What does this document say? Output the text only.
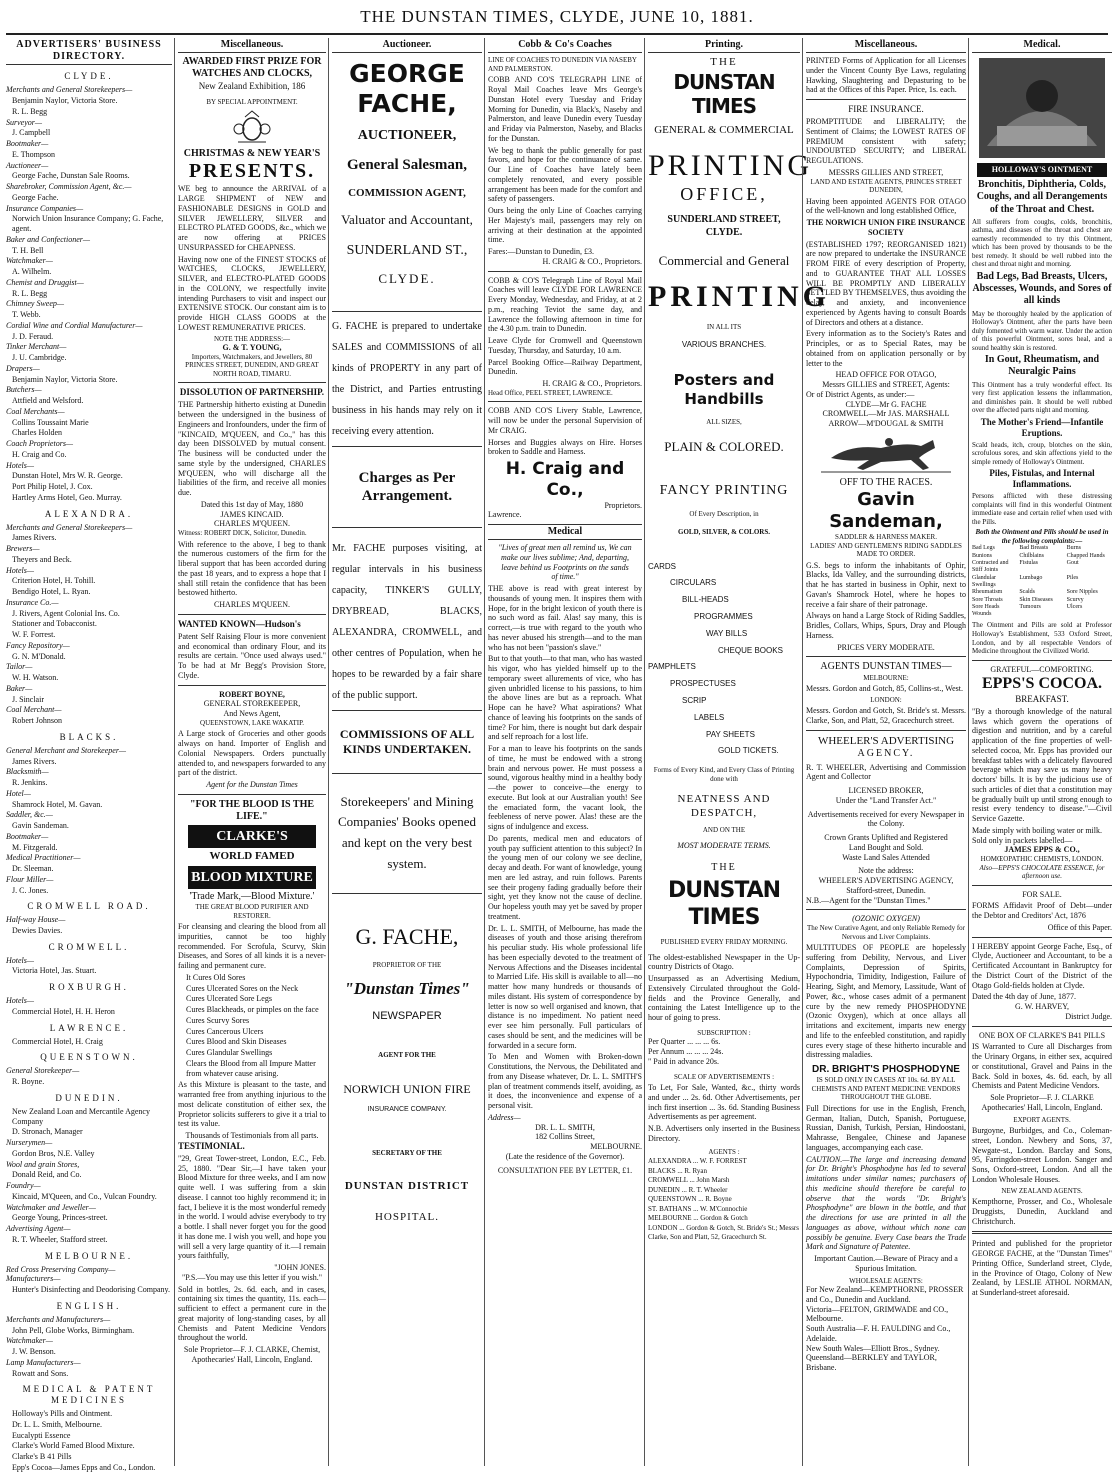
THE DUNSTAN TIMES, CLYDE, JUNE 10, 1881.
ADVERTISERS' BUSINESS DIRECTORY.
CLYDE.
Merchants and General Storekeepers—
Benjamin Naylor, Victoria Store.
R. L. Begg
Surveyor—
J. Campbell
Bootmaker—
E. Thompson
Auctioneer—
George Fache, Dunstan Sale Rooms.
Sharebroker, Commission Agent, &c.—
George Fache.
Insurance Companies—
Norwich Union Insurance Company; G. Fache, agent.
Baker and Confectioner—
T. H. Bell
Watchmaker—
A. Wilhelm.
Chemist and Druggist—
R. L. Begg
Chimney Sweep—
T. Webb.
Cordial Wine and Cordial Manufacturer—
J. D. Feraud.
Tinker Merchant—
J. U. Cambridge.
Drapers—
Benjamin Naylor, Victoria Store.
Butchers—
Attfield and Welsford.
Coal Merchants—
Collins Toussaint Marie
Charles Holden
Coach Proprietors—
H. Craig and Co.
Hotels—
Dunstan Hotel, Mrs W. R. George.
Port Philip Hotel, J. Cox.
Hartley Arms Hotel, Geo. Murray.
ALEXANDRA.
Merchants and General Storekeepers—
James Rivers.
Brewers—
Theyers and Beck.
Hotels—
Criterion Hotel, H. Tohill.
Bendigo Hotel, L. Ryan.
Insurance Co.—
J. Rivers, Agent Colonial Ins. Co.
Stationer and Tobacconist.
W. F. Forrest.
Fancy Repository—
G. N. M'Donald.
Tailor—
W. H. Watson.
Baker—
J. Sinclair
Coal Merchant—
Robert Johnson
BLACKS.
General Merchant and Storekeeper—
James Rivers.
Blacksmith—
R. Jenkins.
Hotel—
Shamrock Hotel, M. Gavan.
Saddler, &c.—
Gavin Sandeman.
Bootmaker—
M. Fitzgerald.
Medical Practitioner—
Dr. Sleeman.
Flour Miller—
J. C. Jones.
CROMWELL ROAD.
Half-way House—
Dewies Davies.
CROMWELL.
Hotels—
Victoria Hotel, Jas. Stuart.
ROXBURGH.
Hotels—
Commercial Hotel, H. H. Heron
LAWRENCE.
Commercial Hotel, H. Craig
QUEENSTOWN.
General Storekeeper—
R. Boyne.
DUNEDIN.
New Zealand Loan and Mercantile Agency Company
D. Stronach, Manager
Nurserymen—
Gordon Bros, N.E. Valley
Wool and grain Stores,
Donald Reid, and Co.
Foundry—
Kincaid, M'Queen, and Co., Vulcan Foundry.
Watchmaker and Jeweller—
George Young, Princes-street.
Advertising Agent—
R. T. Wheeler, Stafford street.
MELBOURNE.
Red Cross Preserving Company—
Manufacturers—
Hunter's Disinfecting and Deodorising Company.
ENGLISH.
Merchants and Manufacturers—
John Pell, Globe Works, Birmingham.
Watchmaker—
J. W. Benson.
Lamp Manufacturers—
Rowatt and Sons.
MEDICAL & PATENT MEDICINES
Holloway's Pills and Ointment.
Dr. L. L. Smith, Melbourne.
Eucalypti Essence
Clarke's World Famed Blood Mixture.
Clarke's B 41 Pills
Epp's Cocoa—James Epps and Co., London.
Miscellaneous.
AWARDED FIRST PRIZE FOR WATCHES AND CLOCKS,
New Zealand Exhibition, 186
BY SPECIAL APPOINTMENT.
CHRISTMAS & NEW YEAR'S
PRESENTS.
WE beg to announce the ARRIVAL of a LARGE SHIPMENT of NEW and FASHIONABLE DESIGNS in GOLD and SILVER JEWELLERY, SILVER and ELECTRO PLATED GOODS, &c., which we are now offering at PRICES UNSURPASSED for CHEAPNESS.
Having now one of the FINEST STOCKS of WATCHES, CLOCKS, JEWELLERY, SILVER, and ELECTRO-PLATED GOODS in the COLONY, we respectfully invite intending Purchasers to visit and inspect our EXTENSIVE STOCK. Our constant aim is to provide HIGH CLASS GOODS at the LOWEST REMUNERATIVE PRICES.
NOTE THE ADDRESS:—
G. & T. YOUNG,
Importers, Watchmakers, and Jewellers, 80 PRINCES STREET, DUNEDIN, AND GREAT NORTH ROAD, TIMARU.
DISSOLUTION OF PARTNERSHIP.
THE Partnership hitherto existing at Dunedin between the undersigned in the business of Engineers and Ironfounders, under the firm of "KINCAID, M'QUEEN, and Co.," has this day been DISSOLVED by mutual consent. The business will be conducted under the same style by the undersigned, CHARLES M'QUEEN, who will discharge all the liabilities of the firm, and receive all monies due.
Dated this 1st day of May, 1880
JAMES KINCAID.
CHARLES M'QUEEN.
Witness: ROBERT DICK, Solicitor, Dunedin.
With reference to the above, I beg to thank the numerous customers of the firm for the liberal support that has been accorded during the past 18 years, and to express a hope that I shall still retain the confidence that has been bestowed hitherto.
CHARLES M'QUEEN.
WANTED KNOWN—Hudson's
Patent Self Raising Flour is more convenient and economical than ordinary Flour, and its results are certain. "Once used always used." To be had at Mr Begg's Provision Store, Clyde.
ROBERT BOYNE,
GENERAL STOREKEEPER,
And News Agent,
QUEENSTOWN, LAKE WAKATIP.
A Large stock of Groceries and other goods always on hand. Importer of English and Colonial Newspapers. Orders punctually attended to, and newspapers forwarded to any part of the district.
Agent for the Dunstan Times
"FOR THE BLOOD IS THE LIFE."
CLARKE'S
WORLD FAMED
BLOOD MIXTURE
'Trade Mark,—Blood Mixture.'
THE GREAT BLOOD PURIFIER AND RESTORER.
For cleansing and clearing the blood from all impurities, cannot be too highly recommended. For Scrofula, Scurvy, Skin Diseases, and Sores of all kinds it is a never-failing and permanent cure.
It Cures Old Sores
Cures Ulcerated Sores on the Neck
Cures Ulcerated Sore Legs
Cures Blackheads, or pimples on the face
Cures Scurvy Sores
Cures Cancerous Ulcers
Cures Blood and Skin Diseases
Cures Glandular Swellings
Clears the Blood from all Impure Matter from whatever cause arising.
As this Mixture is pleasant to the taste, and warranted free from anything injurious to the most delicate constitution of either sex, the Proprietor solicits sufferers to give it a trial to test its value.
Thousands of Testimonials from all parts.
TESTIMONIAL.
"29, Great Tower-street, London, E.C., Feb. 25, 1880. "Dear Sir,—I have taken your Blood Mixture for three weeks, and I am now quite well. I was suffering from a skin disease. I cannot too highly recommend it; in fact, I believe it is the most wonderful remedy in the world. I would advise everybody to try a bottle. I shall never forget you for the good it has done me. I wish you well, and hope you will sell a very large quantity of it.—I remain yours faithfully,
"JOHN JONES.
"P.S.—You may use this letter if you wish."
Sold in bottles, 2s. 6d. each, and in cases, containing six times the quantity, 11s. each—sufficient to effect a permanent cure in the great majority of long-standing cases, by all Chemists and Patent Medicine Vendors throughout the world.
Sole Proprietor—F. J. CLARKE, Chemist, Apothecaries' Hall, Lincoln, England.
Auctioneer.
GEORGE FACHE,
AUCTIONEER,
General Salesman,
COMMISSION AGENT,
Valuator and Accountant,
SUNDERLAND ST.,
CLYDE.
G. FACHE is prepared to undertake SALES and COMMISSIONS of all kinds of PROPERTY in any part of the District, and Parties entrusting business in his hands may rely on it receiving every attention.
Charges as Per Arrangement.
Mr. FACHE purposes visiting, at regular intervals in his business capacity, TINKER'S GULLY, DRYBREAD, BLACKS, ALEXANDRA, CROMWELL, and other centres of Population, when he hopes to be rewarded by a fair share of the public support.
COMMISSIONS OF ALL KINDS UNDERTAKEN.
Storekeepers' and Mining Companies' Books opened and kept on the very best system.
G. FACHE,
PROPRIETOR OF THE
"Dunstan Times"
NEWSPAPER
AGENT FOR THE
NORWICH UNION FIRE
INSURANCE COMPANY.
SECRETARY OF THE
DUNSTAN DISTRICT
HOSPITAL.
Cobb & Co's Coaches
LINE OF COACHES TO DUNEDIN VIA NASEBY AND PALMERSTON.
COBB AND CO'S TELEGRAPH LINE of Royal Mail Coaches leave Mrs George's Dunstan Hotel every Tuesday and Friday Morning for Dunedin, via Black's, Naseby and Palmerston, and leave Dunedin every Tuesday and Friday via Palmerston, Naseby, and Blacks for the Dunstan.
We beg to thank the public generally for past favors, and hope for the continuance of same. Our Line of Coaches have lately been completely renovated, and every possible arrangement has been made for the comfort and safety of passengers.
Ours being the only Line of Coaches carrying Her Majesty's mail, passengers may rely on arriving at their destination at the appointed time.
Fares:—Dunstan to Dunedin, £3.
H. CRAIG & CO., Proprietors.
COBB & CO'S Telegraph Line of Royal Mail Coaches will leave CLYDE FOR LAWRENCE Every Monday, Wednesday, and Friday, at at 2 p.m., reaching Teviot the same day, and Lawrence the following afternoon in time for the 4.30 p.m. train to Dunedin.
Leave Clyde for Cromwell and Queenstown Tuesday, Thursday, and Saturday, 10 a.m.
Parcel Booking Office—Railway Department, Dunedin.
H. CRAIG & CO., Proprietors.
Head Office, PEEL STREET, LAWRENCE.
COBB AND CO'S Livery Stable, Lawrence, will now be under the personal Supervision of Mr CRAIG.
Horses and Buggies always on Hire. Horses broken to Saddle and Harness.
H. Craig and Co.,
Proprietors.
Lawrence.
Medical
"Lives of great men all remind us, We can make our lives sublime; And, departing, leave behind us Footprints on the sands of time."
THE above is read with great interest by thousands of young men. It inspires them with Hope, for in the bright lexicon of youth there is no such word as fail. Alas! say many, this is correct,—is true with regard to the youth who has never abused his strength—and to the man who has not been "passion's slave."
But to that youth—to that man, who has wasted his vigor, who has yielded himself up to the temporary sweet allurements of vice, who has given unbridled license to his passions, to him the above lines are but as a reproach. What Hope can he have? What aspirations? What chance of leaving his footprints on the sands of time? For him, there is nought but dark despair and self reproach for a lost life.
For a man to leave his footprints on the sands of time, he must be endowed with a strong brain and nervous power. He must possess a sound, vigorous healthy mind in a healthy body—the power to conceive—the energy to execute. But look at our Australian youth! See the emaciated form, the vacant look, the feebleness of nerve power. Alas! these are the signs of indulgence and excess.
Do parents, medical men and educators of youth pay sufficient attention to this subject? In the young men of our colony we see decline, decay and death. For want of knowledge, young men are led astray, and ruin follows. Parents see their progeny fading gradually before their sight, yet they know not the cause of decline. Our hopeless youth may yet be saved by proper treatment.
Dr. L. L. SMITH, of Melbourne, has made the diseases of youth and those arising therefrom his peculiar study. His whole professional life has been especially devoted to the treatment of Nervous Affections and the Diseases incidental to Married Life. His skill is available to all—no matter how many hundreds or thousands of miles distant. His system of correspondence by letter is now so well organised and known, that distance is no impediment. No patient need ever see him personally. Full particulars of cases should be sent, and the medicines will be forwarded in a secure form.
To Men and Women with Broken-down Constitutions, the Nervous, the Debilitated and from any Disease whatever, Dr. L. L. SMITH'S plan of treatment commends itself, avoiding, as it does, the inconvenience and expense of a personal visit.
Address—
DR. L. L. SMITH,
182 Collins Street,
MELBOURNE.
(Late the residence of the Governor).
CONSULTATION FEE BY LETTER, £1.
Printing.
THE
DUNSTAN TIMES
GENERAL & COMMERCIAL
PRINTING
OFFICE,
SUNDERLAND STREET, CLYDE.
Commercial and General
PRINTING
IN ALL ITS
VARIOUS BRANCHES.
Posters and Handbills
ALL SIZES,
PLAIN & COLORED.
FANCY PRINTING
Of Every Description, in
GOLD, SILVER, & COLORS.
CARDS
CIRCULARS
BILL-HEADS
PROGRAMMES
WAY BILLS
CHEQUE BOOKS
PAMPHLETS
PROSPECTUSES
SCRIP
LABELS
PAY SHEETS
GOLD TICKETS.
Forms of Every Kind, and Every Class of Printing done with
NEATNESS AND DESPATCH,
AND ON THE
MOST MODERATE TERMS.
THE
DUNSTAN TIMES
PUBLISHED EVERY FRIDAY MORNING.
The oldest-established Newspaper in the Up-country Districts of Otago.
Unsurpassed as an Advertising Medium, Extensively Circulated throughout the Gold-fields and the Province Generally, and containing the Latest Intelligence up to the hour of going to press.
SUBSCRIPTION :
Per Quarter ... ... ... 6s.
Per Annum ... ... ... 24s.
" Paid in advance 20s.
SCALE OF ADVERTISEMENTS :
To Let, For Sale, Wanted, &c., thirty words and under ... 2s. 6d. Other Advertisements, per inch first insertion ... 3s. 6d. Standing Business Advertisements as per agreement.
N.B. Advertisers only inserted in the Business Directory.
AGENTS :
ALEXANDRA ... W. F. FORREST
BLACKS ... R. Ryan
CROMWELL ... John Marsh
DUNEDIN ... R. T. Wheeler
QUEENSTOWN ... R. Boyne
ST. BATHANS ... W. M'Connochie
MELBOURNE ... Gordon & Gotch
LONDON ... Gordon & Gotch, St. Bride's St.; Messrs Clarke, Son and Platt, 52, Gracechurch St.
Miscellaneous.
PRINTED Forms of Application for all Licenses under the Vincent County Bye Laws, regulating Hawking, Slaughtering and Depasturing to be had at the Offices of this Paper. Price, 1s. each.
FIRE INSURANCE.
PROMPTITUDE and LIBERALITY; the Sentiment of Claims; the LOWEST RATES OF PREMIUM consistent with safety; UNDOUBTED SECURITY; and LIBERAL REGULATIONS.
MESSRS GILLIES AND STREET,
LAND AND ESTATE AGENTS, PRINCES STREET DUNEDIN,
Having been appointed AGENTS FOR OTAGO of the well-known and long established Office,
THE NORWICH UNION FIRE INSURANCE SOCIETY
(ESTABLISHED 1797; REORGANISED 1821) are now prepared to undertake the INSURANCE FROM FIRE of every description of Property, and to GUARANTEE THAT ALL LOSSES WILL BE PROMPTLY AND LIBERALLY SETTLED BY THEMSELVES, thus avoiding the delay, and anxiety, and inconvenience experienced by Agents having to consult Boards of Directors and others at a distance.
Every information as to the Society's Rates and Principles, or as to Special Rates, may be obtained from on application personally or by letter to the
HEAD OFFICE FOR OTAGO,
Messrs GILLIES and STREET, Agents:
Or of District Agents, as under:—
CLYDE—Mr G. FACHE
CROMWELL—Mr JAS. MARSHALL
ARROW—M'DOUGAL & SMITH
OFF TO THE RACES.
Gavin Sandeman,
SADDLER & HARNESS MAKER.
LADIES' AND GENTLEMEN'S RIDING SADDLES MADE TO ORDER.
G.S. begs to inform the inhabitants of Ophir, Blacks, Ida Valley, and the surrounding districts, that he has started in business in Ophir, next to Gavan's Shamrock Hotel, where he hopes to receive a fair share of their patronage.
Always on hand a Large Stock of Riding Saddles, Bridles, Collars, Whips, Spurs, Dray and Plough Harness.
PRICES VERY MODERATE.
AGENTS DUNSTAN TIMES—
MELBOURNE:
Messrs. Gordon and Gotch, 85, Collins-st., West.
LONDON:
Messrs. Gordon and Gotch, St. Bride's st. Messrs. Clarke, Son, and Platt, 52, Gracechurch street.
WHEELER'S ADVERTISING
AGENCY.
R. T. WHEELER, Advertising and Commission Agent and Collector
LICENSED BROKER,
Under the "Land Transfer Act."
Advertisements received for every Newspaper in the Colony.
Crown Grants Uplifted and Registered
Land Bought and Sold.
Waste Land Sales Attended
Note the address:
WHEELER'S ADVERTISING AGENCY, Stafford-street, Dunedin.
N.B.—Agent for the "Dunstan Times."
(OZONIC OXYGEN)
The New Curative Agent, and only Reliable Remedy for Nervous and Liver Complaints.
MULTITUDES OF PEOPLE are hopelessly suffering from Debility, Nervous, and Liver Complaints, Depression of Spirits, Hypochondria, Timidity, Indigestion, Failure of Hearing, Sight, and Memory, Lassitude, Want of Power, &c., whose cases admit of a permanent cure by the new remedy PHOSPHODYNE (Ozonic Oxygen), which at once allays all irritations and excitement, imparts new energy and life to the enfeebled constitution, and rapidly cures every stage of these hitherto incurable and distressing maladies.
DR. BRIGHT'S PHOSPHODYNE
IS SOLD ONLY IN CASES AT 10s. 6d. BY ALL CHEMISTS AND PATENT MEDICINE VENDORS THROUGHOUT THE GLOBE.
Full Directions for use in the English, French, German, Italian, Dutch, Spanish, Portuguese, Russian, Danish, Turkish, Persian, Hindoostani, Mahrasse, Bengalee, Chinese and Japanese languages, accompanying each case.
CAUTION.—The large and increasing demand for Dr. Bright's Phosphodyne has led to several imitations under similar names; purchasers of this medicine should therefore be careful to observe that the words "Dr. Bright's Phosphodyne" are blown in the bottle, and that the directions for use are printed in all the languages as above, without which none can possibly be genuine. Every Case bears the Trade Mark and Signature of Patentee.
Important Caution.—Beware of Piracy and a Spurious Imitation.
WHOLESALE AGENTS:
For New Zealand—KEMPTHORNE, PROSSER and Co., Dunedin and Auckland.
Victoria—FELTON, GRIMWADE and CO., Melbourne.
South Australia—F. H. FAULDING and Co., Adelaide.
New South Wales—Elliott Bros., Sydney.
Queensland—BERKLEY and TAYLOR, Brisbane.
Medical.
HOLLOWAY'S OINTMENT
Bronchitis, Diphtheria, Colds, Coughs, and all Derangements of the Throat and Chest.
All sufferers from coughs, colds, bronchitis, asthma, and diseases of the throat and chest are earnestly recommended to try this Ointment, which has been proved by thousands to be the best remedy. It should be well rubbed into the chest and throat night and morning.
Bad Legs, Bad Breasts, Ulcers, Abscesses, Wounds, and Sores of all kinds
May be thoroughly healed by the application of Holloway's Ointment, after the parts have been duly fomented with warm water. Under the action of this powerful Ointment, sores heal, and a sound healthy skin is restored.
In Gout, Rheumatism, and Neuralgic Pains
This Ointment has a truly wonderful effect. Its very first application lessens the inflammation, and diminishes pain. It should be well rubbed over the affected parts night and morning.
The Mother's Friend—Infantile Eruptions.
Scald heads, itch, croup, blotches on the skin, scrofulous sores, and skin affections yield to the simple remedy of Holloway's Ointment.
Piles, Fistulas, and Internal Inflammations.
Persons afflicted with these distressing complaints will find in this wonderful Ointment immediate ease and certain relief when used with the Pills.
Both the Ointment and Pills should be used in the following complaints:—
Bad Legs	Bad Breasts	Burns
Bunions	Chilblains	Chapped Hands
Contracted and Stiff Joints
Fistulas	Gout
Glandular Swellings
Lumbago	Piles
Rheumatism	Scalds	Sore Nipples
Sore Throats	Skin Diseases	Scurvy
Sore Heads	Tumours	Ulcers
Wounds
The Ointment and Pills are sold at Professor Holloway's Establishment, 533 Oxford Street, London, and by all respectable Vendors of Medicine throughout the Civilized World.
GRATEFUL—COMFORTING.
EPPS'S COCOA.
BREAKFAST.
"By a thorough knowledge of the natural laws which govern the operations of digestion and nutrition, and by a careful application of the fine properties of well-selected cocoa, Mr. Epps has provided our breakfast tables with a delicately flavoured beverage which may save us many heavy doctors' bills. It is by the judicious use of such articles of diet that a constitution may be gradually built up until strong enough to resist every tendency to disease."—Civil Service Gazette.
Made simply with boiling water or milk.
Sold only in packets labelled—
JAMES EPPS & CO.,
HOMŒOPATHIC CHEMISTS, LONDON.
Also—EPPS'S CHOCOLATE ESSENCE, for afternoon use.
FOR SALE.
FORMS Affidavit Proof of Debt—under the Debtor and Creditors' Act, 1876
Office of this Paper.
I HEREBY appoint George Fache, Esq., of Clyde, Auctioneer and Accountant, to be a Certificated Accountant in Bankruptcy for the District Court of the District of the Otago Gold-fields holden at Clyde.
Dated the 4th day of June, 1877.
G. W. HARVEY,
District Judge.
ONE BOX OF CLARKE'S B41 PILLS
IS Warranted to Cure all Discharges from the Urinary Organs, in either sex, acquired or constitutional, Gravel and Pains in the Back. Sold in boxes, 4s. 6d. each, by all Chemists and Patent Medicine Vendors.
Sole Proprietor—F. J. CLARKE
Apothecaries' Hall, Lincoln, England.
EXPORT AGENTS.
Burgoyne, Burbidges, and Co., Coleman-street, London. Newbery and Sons, 37, Newgate-st., London. Barclay and Sons, 95, Farringdon-street London. Sanger and Sons, Oxford-street, London. And all the London Wholesale Houses.
NEW ZEALAND AGENTS.
Kempthorne, Prosser, and Co., Wholesale Druggists, Dunedin, Auckland and Christchurch.
Printed and published for the proprietor GEORGE FACHE, at the "Dunstan Times" Printing Office, Sunderland street, Clyde, in the Province of Otago, Colony of New Zealand, by LESLIE ATHOL NORMAN, at Sunderland-street aforesaid.
